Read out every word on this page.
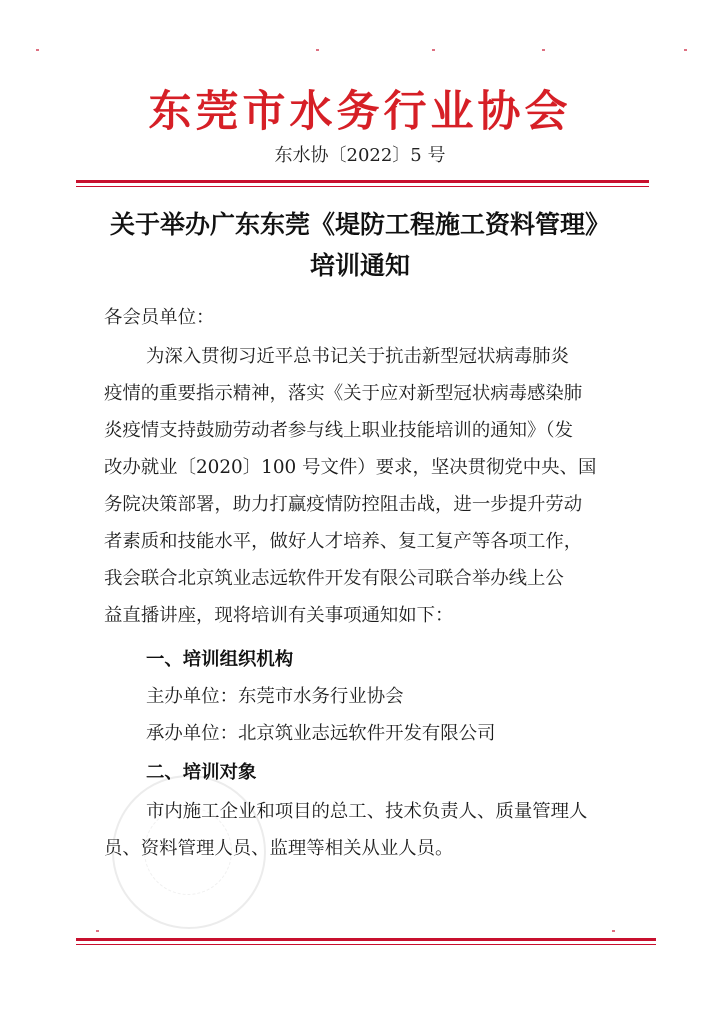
东莞市水务行业协会
东水协〔2022〕5 号
关于举办广东东莞《堤防工程施工资料管理》
培训通知
各会员单位：
为深入贯彻习近平总书记关于抗击新型冠状病毒肺炎
疫情的重要指示精神，落实《关于应对新型冠状病毒感染肺
炎疫情支持鼓励劳动者参与线上职业技能培训的通知》（发
改办就业〔2020〕100 号文件）要求，坚决贯彻党中央、国
务院决策部署，助力打赢疫情防控阻击战，进一步提升劳动
者素质和技能水平，做好人才培养、复工复产等各项工作，
我会联合北京筑业志远软件开发有限公司联合举办线上公
益直播讲座，现将培训有关事项通知如下：
一、培训组织机构
主办单位：东莞市水务行业协会
承办单位：北京筑业志远软件开发有限公司
二、培训对象
市内施工企业和项目的总工、技术负责人、质量管理人
员、资料管理人员、监理等相关从业人员。
